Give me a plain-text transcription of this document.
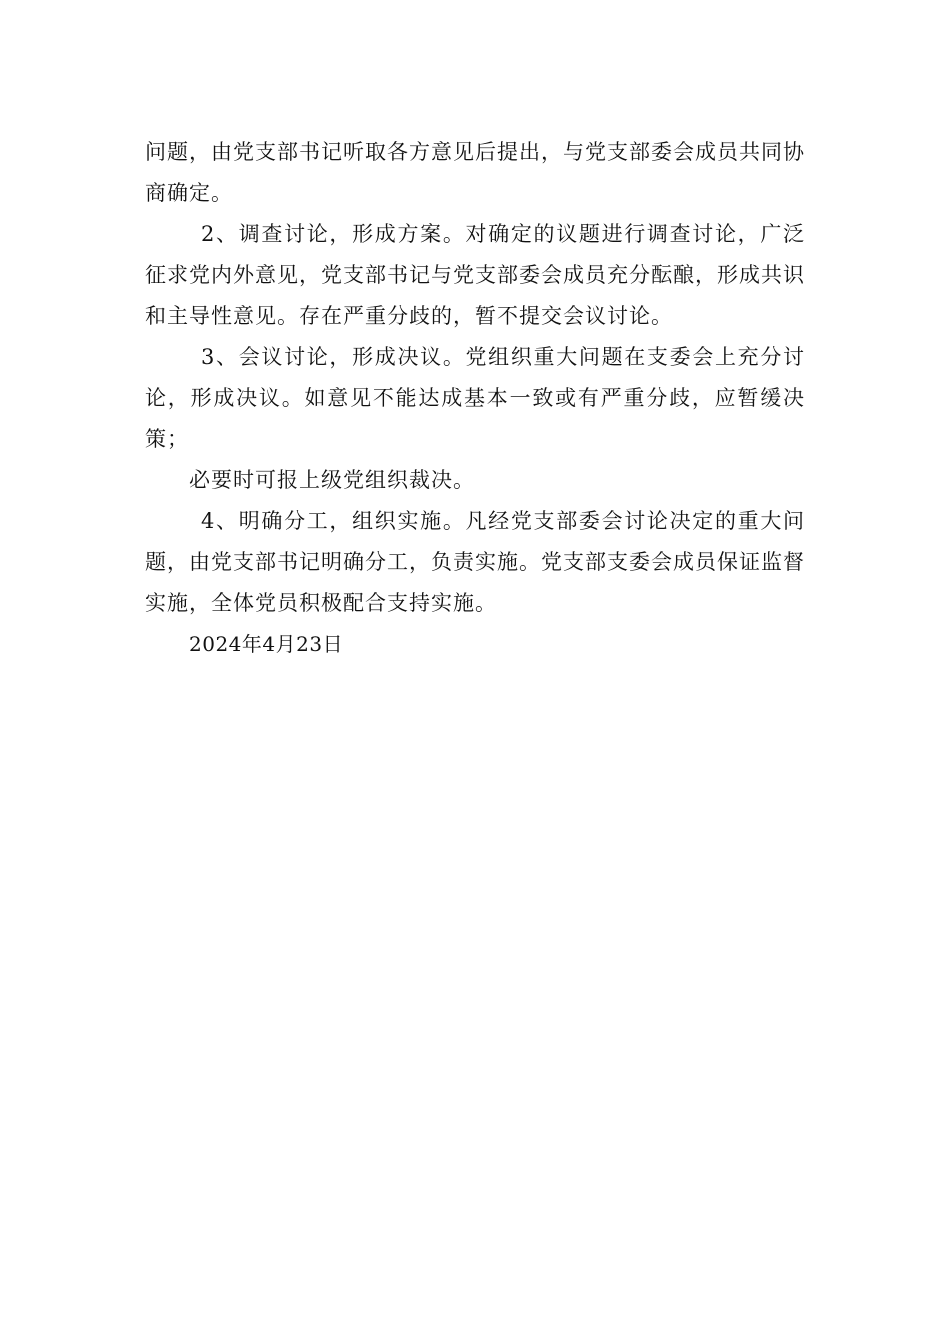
问题，由党支部书记听取各方意见后提出，与党支部委会成员共同协商确定。

2、调查讨论，形成方案。对确定的议题进行调查讨论，广泛征求党内外意见，党支部书记与党支部委会成员充分酝酿，形成共识和主导性意见。存在严重分歧的，暂不提交会议讨论。

3、会议讨论，形成决议。党组织重大问题在支委会上充分讨论，形成决议。如意见不能达成基本一致或有严重分歧，应暂缓决策；

必要时可报上级党组织裁决。

4、明确分工，组织实施。凡经党支部委会讨论决定的重大问题，由党支部书记明确分工，负责实施。党支部支委会成员保证监督实施，全体党员积极配合支持实施。

2024年4月23日
